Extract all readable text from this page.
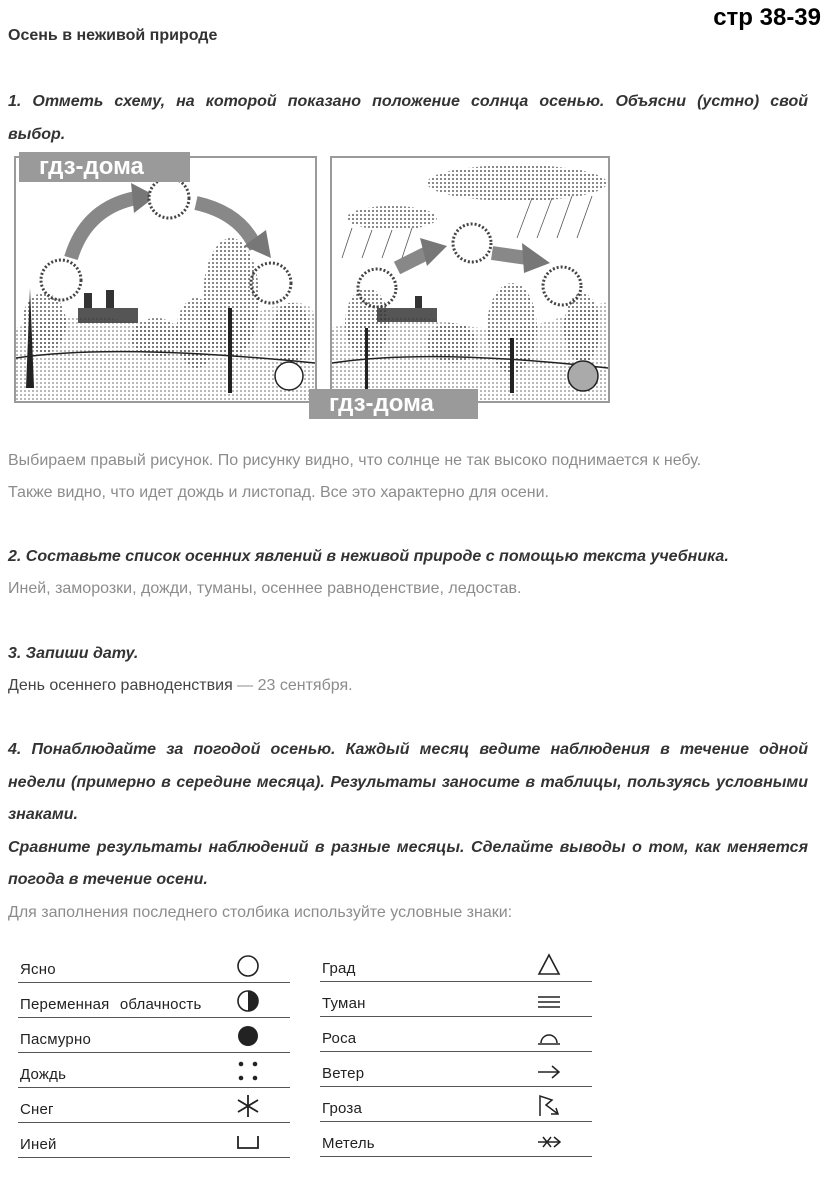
стр 38-39
Осень в неживой природе
1. Отметь схему, на которой показано положение солнца осенью. Объясни (устно) свой
выбор.
гдз-дома
гдз-дома
Выбираем правый рисунок. По рисунку видно, что солнце не так высоко поднимается к небу.
Также видно, что идет дождь и листопад. Все это характерно для осени.
2. Составьте список осенних явлений в неживой природе с помощью текста учебника.
Иней, заморозки, дожди, туманы, осеннее равноденствие, ледостав.
3. Запиши дату.
День осеннего равноденствия — 23 сентября.
4. Понаблюдайте за погодой осенью. Каждый месяц ведите наблюдения в течение одной
недели (примерно в середине месяца). Результаты заносите в таблицы, пользуясь условными
знаками.
Сравните результаты наблюдений в разные месяцы. Сделайте выводы о том, как меняется
погода в течение осени.
Для заполнения последнего столбика используйте условные знаки:
Ясно
Переменная облачность
Пасмурно
Дождь
Снег
Иней
Град
Туман
Роса
Ветер
Гроза
Метель
